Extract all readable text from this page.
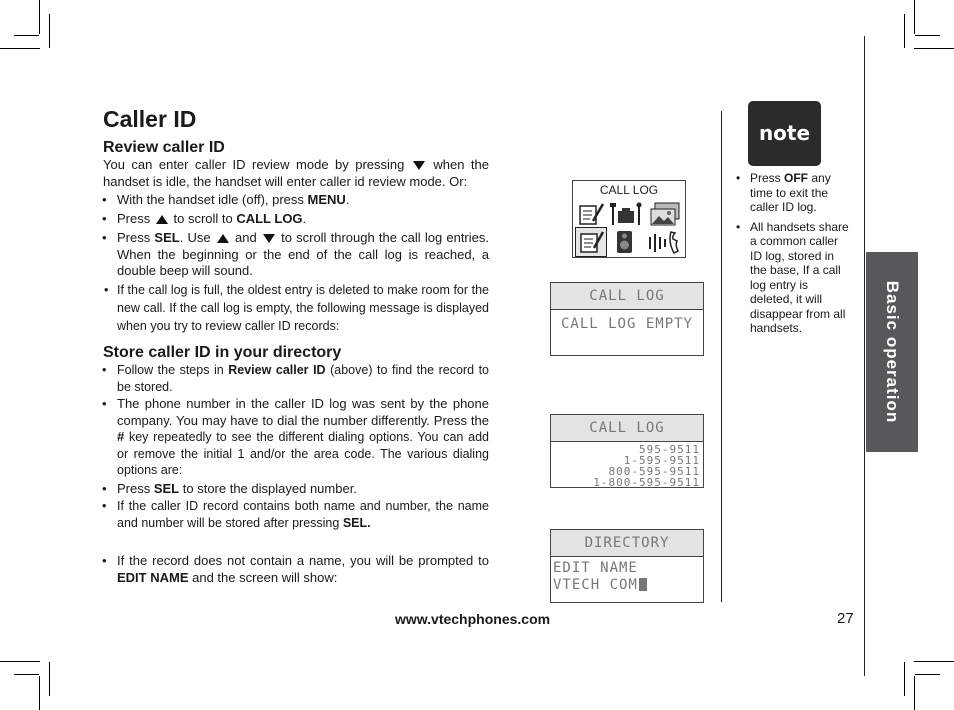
Caller ID
Review caller ID

You can enter caller ID review mode by pressing when the handset is idle, the handset will enter caller id review mode. Or:

• With the handset idle (off), press MENU.
• Press to scroll to CALL LOG.
• Press SEL. Use and to scroll through the call log entries. When the beginning or the end of the call log is reached, a double beep will sound.
• If the call log is full, the oldest entry is deleted to make room for the new call. If the call log is empty, the following message is displayed when you try to review caller ID records:
Store caller ID in your directory
• Follow the steps in Review caller ID (above) to find the record to be stored.
• The phone number in the caller ID log was sent by the phone company. You may have to dial the number differently. Press the # key repeatedly to see the different dialing options. You can add or remove the initial 1 and/or the area code. The various dialing options are:
• Press SEL to store the displayed number.
• If the caller ID record contains both name and number, the name and number will be stored after pressing SEL.
• If the record does not contain a name, you will be prompted to EDIT NAME and the screen will show:
CALL LOG
CALL LOG
CALL LOG EMPTY
CALL LOG
595-9511
1-595-9511
800-595-9511
1-800-595-9511
DIRECTORY
EDIT NAME
VTECH COM
note
• Press OFF any time to exit the caller ID log.
• All handsets share a common caller ID log, stored in the base, If a call log entry is deleted, it will disappear from all handsets.	Basic operation
www.vtechphones.com	27
